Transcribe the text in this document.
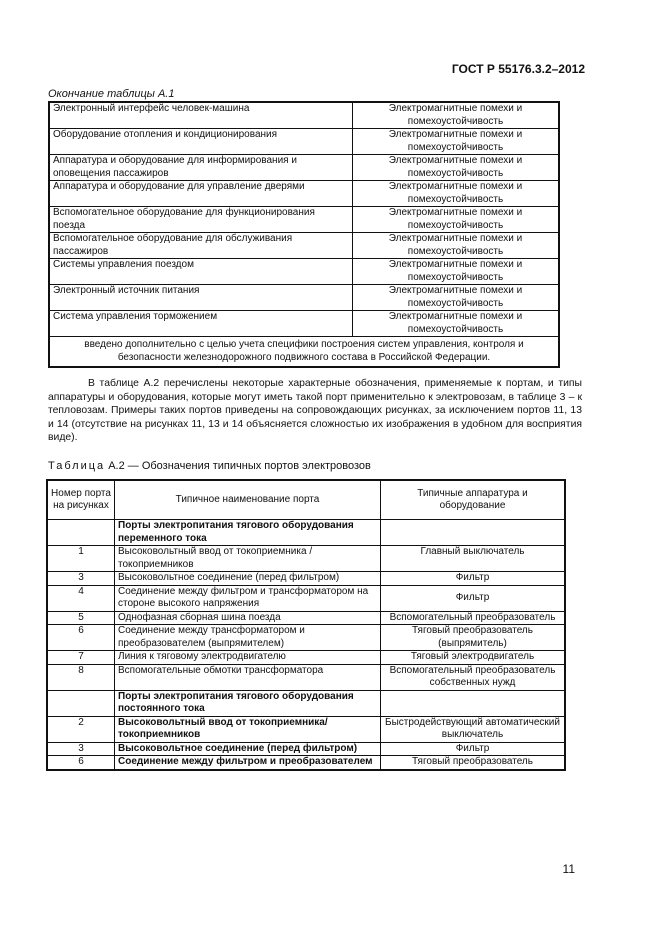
ГОСТ Р 55176.3.2–2012
Окончание таблицы А.1
Электронный интерфейс человек-машина	Электромагнитные помехи и помехоустойчивость
Оборудование отопления и кондиционирования	Электромагнитные помехи и помехоустойчивость
Аппаратура и оборудование для информирования и оповещения пассажиров	Электромагнитные помехи и помехоустойчивость
Аппаратура и оборудование для управление дверями	Электромагнитные помехи и помехоустойчивость
Вспомогательное оборудование для функционирования поезда	Электромагнитные помехи и помехоустойчивость
Вспомогательное оборудование для обслуживания пассажиров	Электромагнитные помехи и помехоустойчивость
Системы управления поездом	Электромагнитные помехи и помехоустойчивость
Электронный источник питания	Электромагнитные помехи и помехоустойчивость
Система управления торможением	Электромагнитные помехи и помехоустойчивость
введено дополнительно с целью учета специфики построения систем управления, контроля и безопасности железнодорожного подвижного состава в Российской Федерации.	

В таблице А.2 перечислены некоторые характерные обозначения, применяемые к портам, и типы аппаратуры и оборудования, которые могут иметь такой порт применительно к электровозам, в таблице 3 – к тепловозам. Примеры таких портов приведены на сопровождающих рисунках, за исключением портов 11, 13 и 14 (отсутствие на рисунках 11, 13 и 14 объясняется сложностью их изображения в удобном для восприятия виде).

Таблица А.2 — Обозначения типичных портов электровозов
Номер порта на рисунках	Типичное наименование порта	Типичные аппаратура и оборудование
	Порты электропитания тягового оборудования переменного тока	
1	Высоковольтный ввод от токоприемника /токоприемников	Главный выключатель
3	Высоковольтное соединение (перед фильтром)	Фильтр
4	Соединение между фильтром и трансформатором на стороне высокого напряжения	Фильтр
5	Однофазная сборная шина поезда	Вспомогательный преобразователь
6	Соединение между трансформатором и преобразователем (выпрямителем)	Тяговый преобразователь (выпрямитель)
7	Линия к тяговому электродвигателю	Тяговый электродвигатель
8	Вспомогательные обмотки трансформатора	Вспомогательный преобразователь собственных нужд
	Порты электропитания тягового оборудования постоянного тока	
2	Высоковольтный ввод от токоприемника/токоприемников	Быстродействующий автоматический выключатель
3	Высоковольтное соединение (перед фильтром)	Фильтр
6	Соединение между фильтром и преобразователем	Тяговый преобразователь
11
